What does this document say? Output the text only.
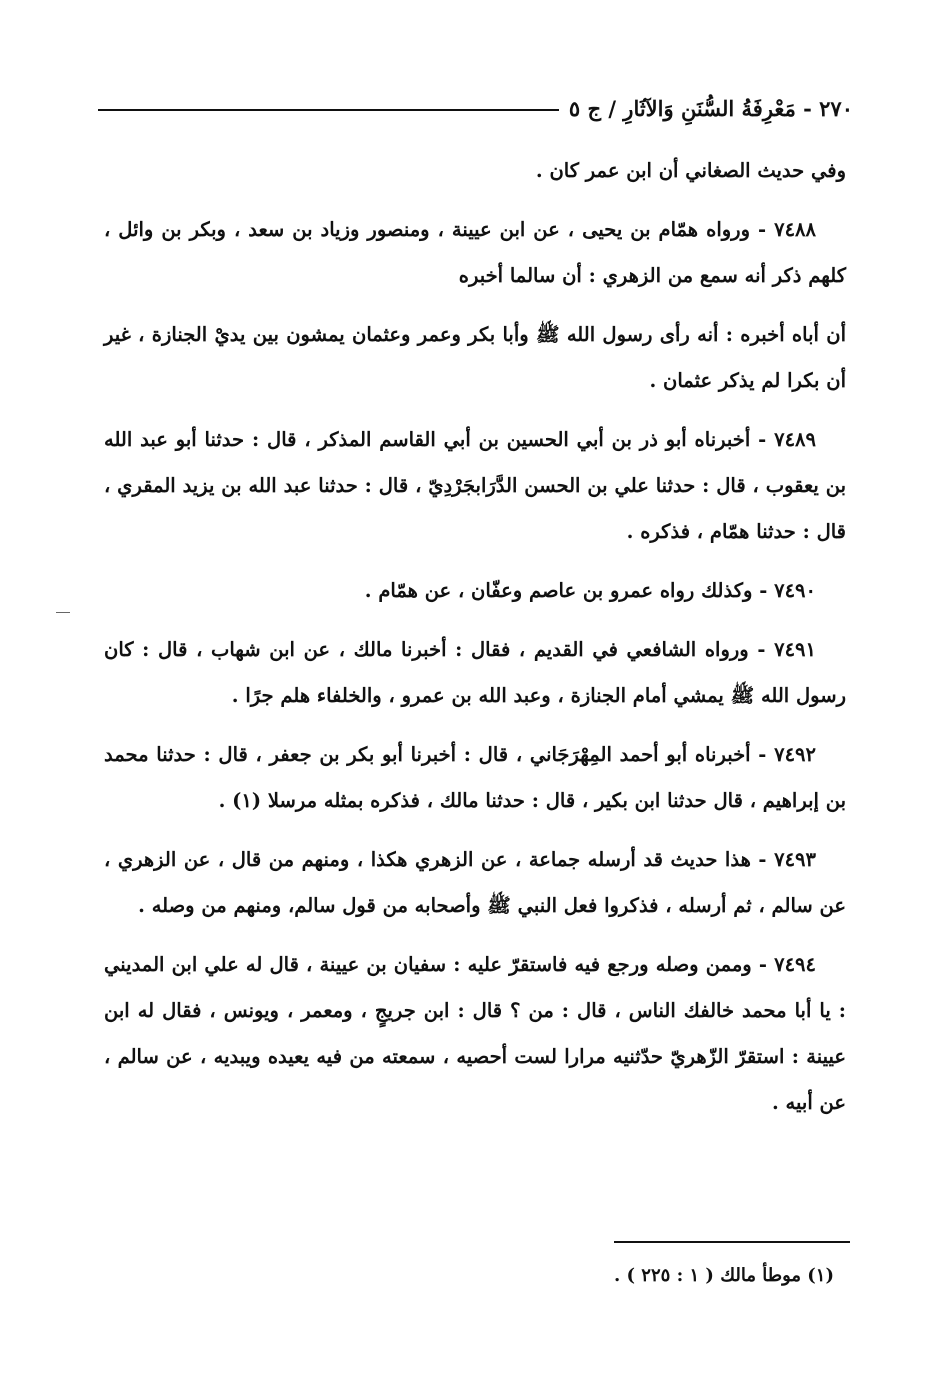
٢٧٠ - مَعْرِفَةُ السُّنَنِ وَالآثَارِ / ج ٥

وفي حديث الصغاني أن ابن عمر كان .

٧٤٨٨ - ورواه همّام بن يحيى ، عن ابن عيينة ، ومنصور وزياد بن سعد ، وبكر بن وائل ، كلهم ذكر أنه سمع من الزهري : أن سالما أخبره

أن أباه أخبره : أنه رأى رسول الله ﷺ وأبا بكر وعمر وعثمان يمشون بين يديْ الجنازة ، غير أن بكرا لم يذكر عثمان .

٧٤٨٩ - أخبرناه أبو ذر بن أبي الحسين بن أبي القاسم المذكر ، قال : حدثنا أبو عبد الله بن يعقوب ، قال : حدثنا علي بن الحسن الدَّرَابجَرْدِيّ ، قال : حدثنا عبد الله بن يزيد المقري ، قال : حدثنا همّام ، فذكره .

٧٤٩٠ - وكذلك رواه عمرو بن عاصم وعفّان ، عن همّام .

٧٤٩١ - ورواه الشافعي في القديم ، فقال : أخبرنا مالك ، عن ابن شهاب ، قال : كان رسول الله ﷺ يمشي أمام الجنازة ، وعبد الله بن عمرو ، والخلفاء هلم جرًا .

٧٤٩٢ - أخبرناه أبو أحمد المِهْرَجَاني ، قال : أخبرنا أبو بكر بن جعفر ، قال : حدثنا محمد بن إبراهيم ، قال حدثنا ابن بكير ، قال : حدثنا مالك ، فذكره بمثله مرسلا (١) .

٧٤٩٣ - هذا حديث قد أرسله جماعة ، عن الزهري هكذا ، ومنهم من قال ، عن الزهري ، عن سالم ، ثم أرسله ، فذكروا فعل النبي ﷺ وأصحابه من قول سالم، ومنهم من وصله .

٧٤٩٤ - وممن وصله ورجع فيه فاستقرّ عليه : سفيان بن عيينة ، قال له علي ابن المديني : يا أبا محمد خالفك الناس ، قال : من ؟ قال : ابن جريجٍ ، ومعمر ، ويونس ، فقال له ابن عيينة : استقرّ الزّهريّ حدّثنيه مرارا لست أحصيه ، سمعته من فيه يعيده ويبديه ، عن سالم ، عن أبيه .

(١) موطأ مالك ( ١ : ٢٢٥ ) .
